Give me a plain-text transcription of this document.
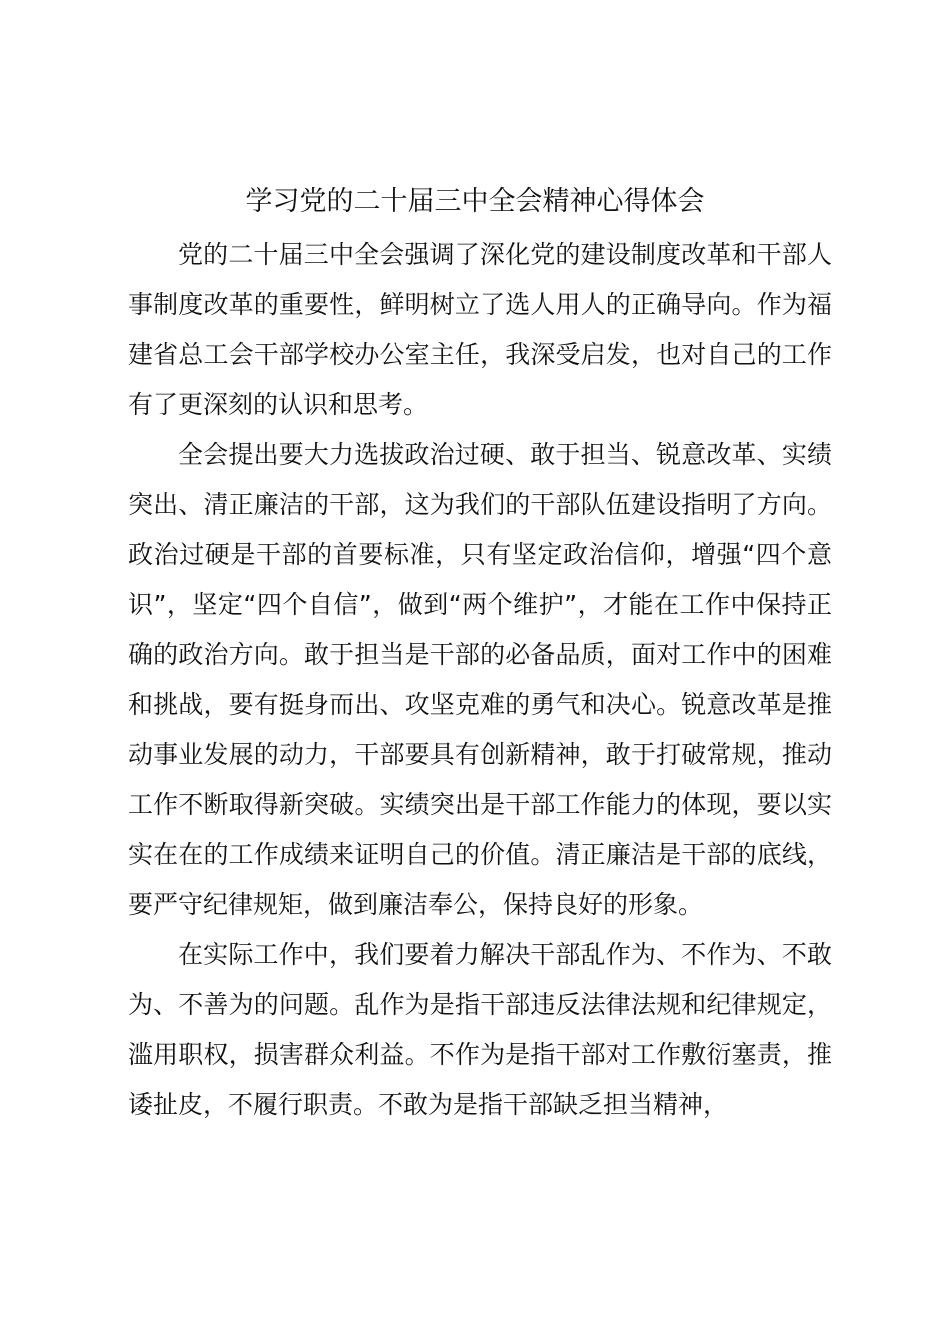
学习党的二十届三中全会精神心得体会

党的二十届三中全会强调了深化党的建设制度改革和干部人事制度改革的重要性，鲜明树立了选人用人的正确导向。作为福建省总工会干部学校办公室主任，我深受启发，也对自己的工作有了更深刻的认识和思考。

全会提出要大力选拔政治过硬、敢于担当、锐意改革、实绩突出、清正廉洁的干部，这为我们的干部队伍建设指明了方向。政治过硬是干部的首要标准，只有坚定政治信仰，增强“四个意识”，坚定“四个自信”，做到“两个维护”，才能在工作中保持正确的政治方向。敢于担当是干部的必备品质，面对工作中的困难和挑战，要有挺身而出、攻坚克难的勇气和决心。锐意改革是推动事业发展的动力，干部要具有创新精神，敢于打破常规，推动工作不断取得新突破。实绩突出是干部工作能力的体现，要以实实在在的工作成绩来证明自己的价值。清正廉洁是干部的底线，要严守纪律规矩，做到廉洁奉公，保持良好的形象。

在实际工作中，我们要着力解决干部乱作为、不作为、不敢为、不善为的问题。乱作为是指干部违反法律法规和纪律规定，滥用职权，损害群众利益。不作为是指干部对工作敷衍塞责，推诿扯皮，不履行职责。不敢为是指干部缺乏担当精神，
